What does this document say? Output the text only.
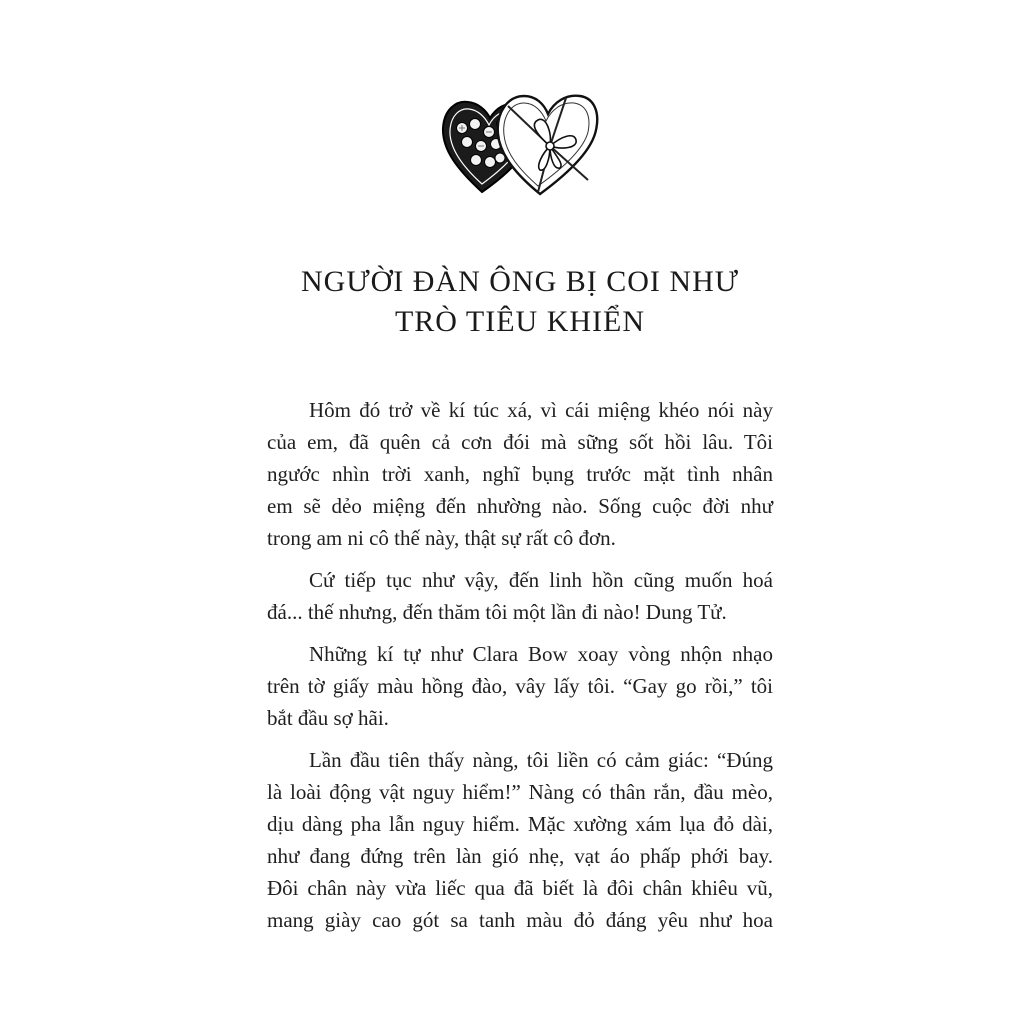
NGƯỜI ĐÀN ÔNG BỊ COI NHƯ
TRÒ TIÊU KHIỂN
Hôm đó trở về kí túc xá, vì cái miệng khéo nói này
của em, đã quên cả cơn đói mà sững sốt hồi lâu. Tôi
ngước nhìn trời xanh, nghĩ bụng trước mặt tình nhân
em sẽ dẻo miệng đến nhường nào. Sống cuộc đời như
trong am ni cô thế này, thật sự rất cô đơn.
Cứ tiếp tục như vậy, đến linh hồn cũng muốn hoá
đá... thế nhưng, đến thăm tôi một lần đi nào! Dung Tử.
Những kí tự như Clara Bow xoay vòng nhộn nhạo
trên tờ giấy màu hồng đào, vây lấy tôi. “Gay go rồi,” tôi
bắt đầu sợ hãi.
Lần đầu tiên thấy nàng, tôi liền có cảm giác: “Đúng
là loài động vật nguy hiểm!” Nàng có thân rắn, đầu mèo,
dịu dàng pha lẫn nguy hiểm. Mặc xường xám lụa đỏ dài,
như đang đứng trên làn gió nhẹ, vạt áo phấp phới bay.
Đôi chân này vừa liếc qua đã biết là đôi chân khiêu vũ,
mang giày cao gót sa tanh màu đỏ đáng yêu như hoa
